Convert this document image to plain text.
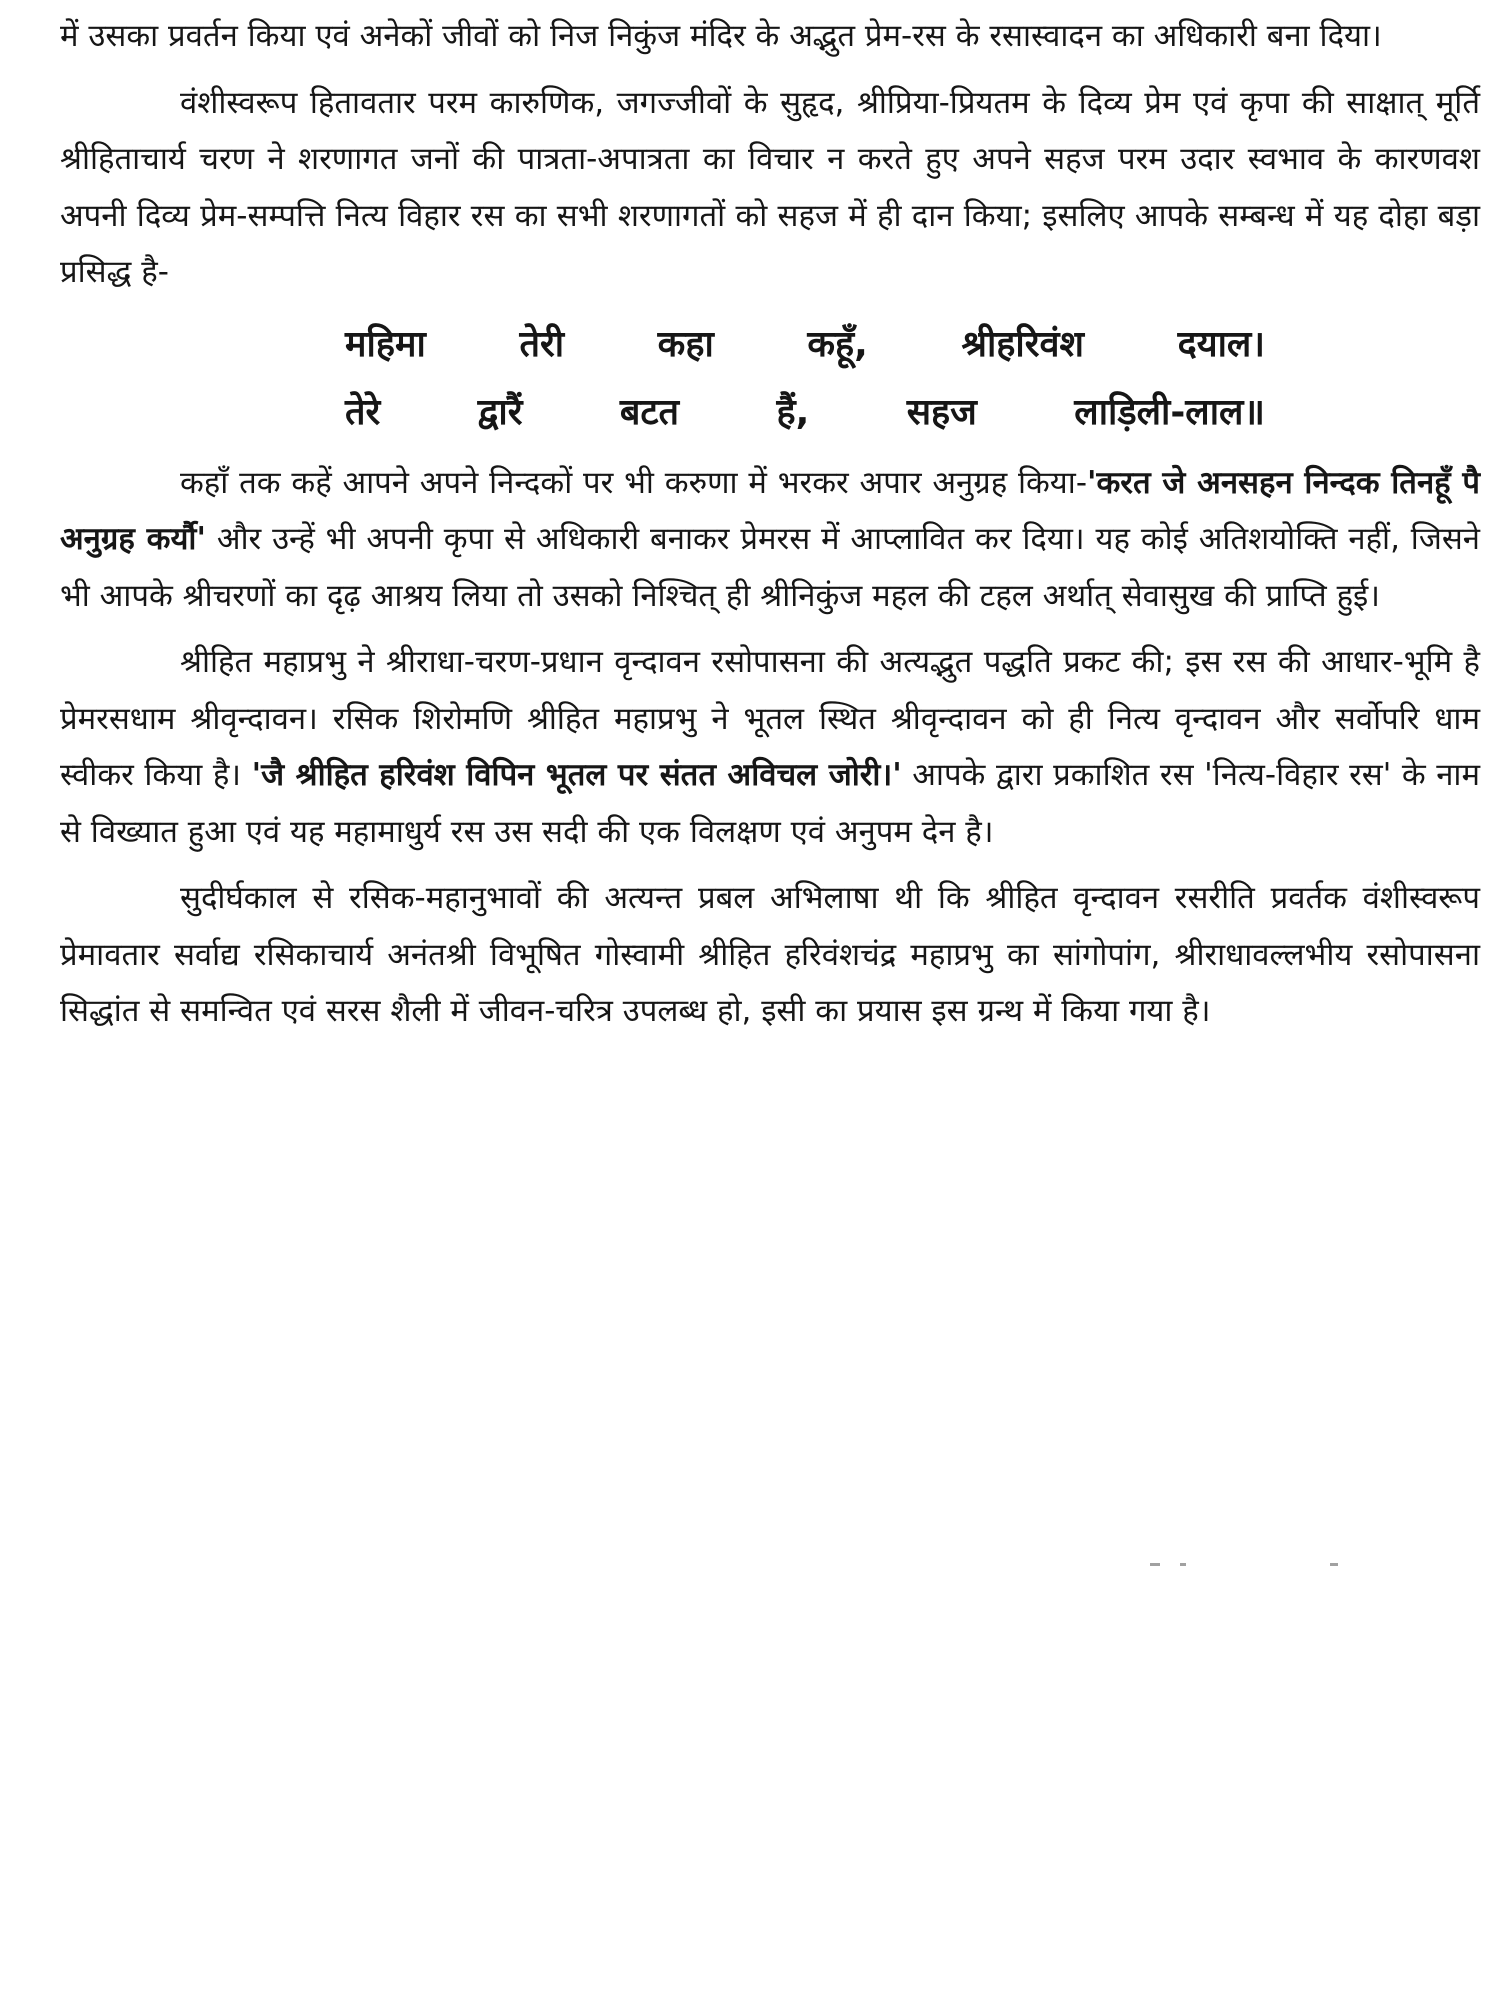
में उसका प्रवर्तन किया एवं अनेकों जीवों को निज निकुंज मंदिर के अद्भुत प्रेम-रस के रसास्वादन का अधिकारी बना दिया।

वंशीस्वरूप हितावतार परम कारुणिक, जगज्जीवों के सुहृद, श्रीप्रिया-प्रियतम के दिव्य प्रेम एवं कृपा की साक्षात् मूर्ति श्रीहिताचार्य चरण ने शरणागत जनों की पात्रता-अपात्रता का विचार न करते हुए अपने सहज परम उदार स्वभाव के कारणवश अपनी दिव्य प्रेम-सम्पत्ति नित्य विहार रस का सभी शरणागतों को सहज में ही दान किया; इसलिए आपके सम्बन्ध में यह दोहा बड़ा प्रसिद्ध है-

महिमा तेरी कहा कहूँ, श्रीहरिवंश दयाल।
तेरे द्वारैं बटत हैं, सहज लाड़िली-लाल॥

कहाँ तक कहें आपने अपने निन्दकों पर भी करुणा में भरकर अपार अनुग्रह किया-'करत जे अनसहन निन्दक तिनहूँ पै अनुग्रह कर्यौ' और उन्हें भी अपनी कृपा से अधिकारी बनाकर प्रेमरस में आप्लावित कर दिया। यह कोई अतिशयोक्ति नहीं, जिसने भी आपके श्रीचरणों का दृढ़ आश्रय लिया तो उसको निश्चित् ही श्रीनिकुंज महल की टहल अर्थात् सेवासुख की प्राप्ति हुई।

श्रीहित महाप्रभु ने श्रीराधा-चरण-प्रधान वृन्दावन रसोपासना की अत्यद्भुत पद्धति प्रकट की; इस रस की आधार-भूमि है प्रेमरसधाम श्रीवृन्दावन। रसिक शिरोमणि श्रीहित महाप्रभु ने भूतल स्थित श्रीवृन्दावन को ही नित्य वृन्दावन और सर्वोपरि धाम स्वीकर किया है। 'जै श्रीहित हरिवंश विपिन भूतल पर संतत अविचल जोरी।' आपके द्वारा प्रकाशित रस 'नित्य-विहार रस' के नाम से विख्यात हुआ एवं यह महामाधुर्य रस उस सदी की एक विलक्षण एवं अनुपम देन है।

सुदीर्घकाल से रसिक-महानुभावों की अत्यन्त प्रबल अभिलाषा थी कि श्रीहित वृन्दावन रसरीति प्रवर्तक वंशीस्वरूप प्रेमावतार सर्वाद्य रसिकाचार्य अनंतश्री विभूषित गोस्वामी श्रीहित हरिवंशचंद्र महाप्रभु का सांगोपांग, श्रीराधावल्लभीय रसोपासना सिद्धांत से समन्वित एवं सरस शैली में जीवन-चरित्र उपलब्ध हो, इसी का प्रयास इस ग्रन्थ में किया गया है।
